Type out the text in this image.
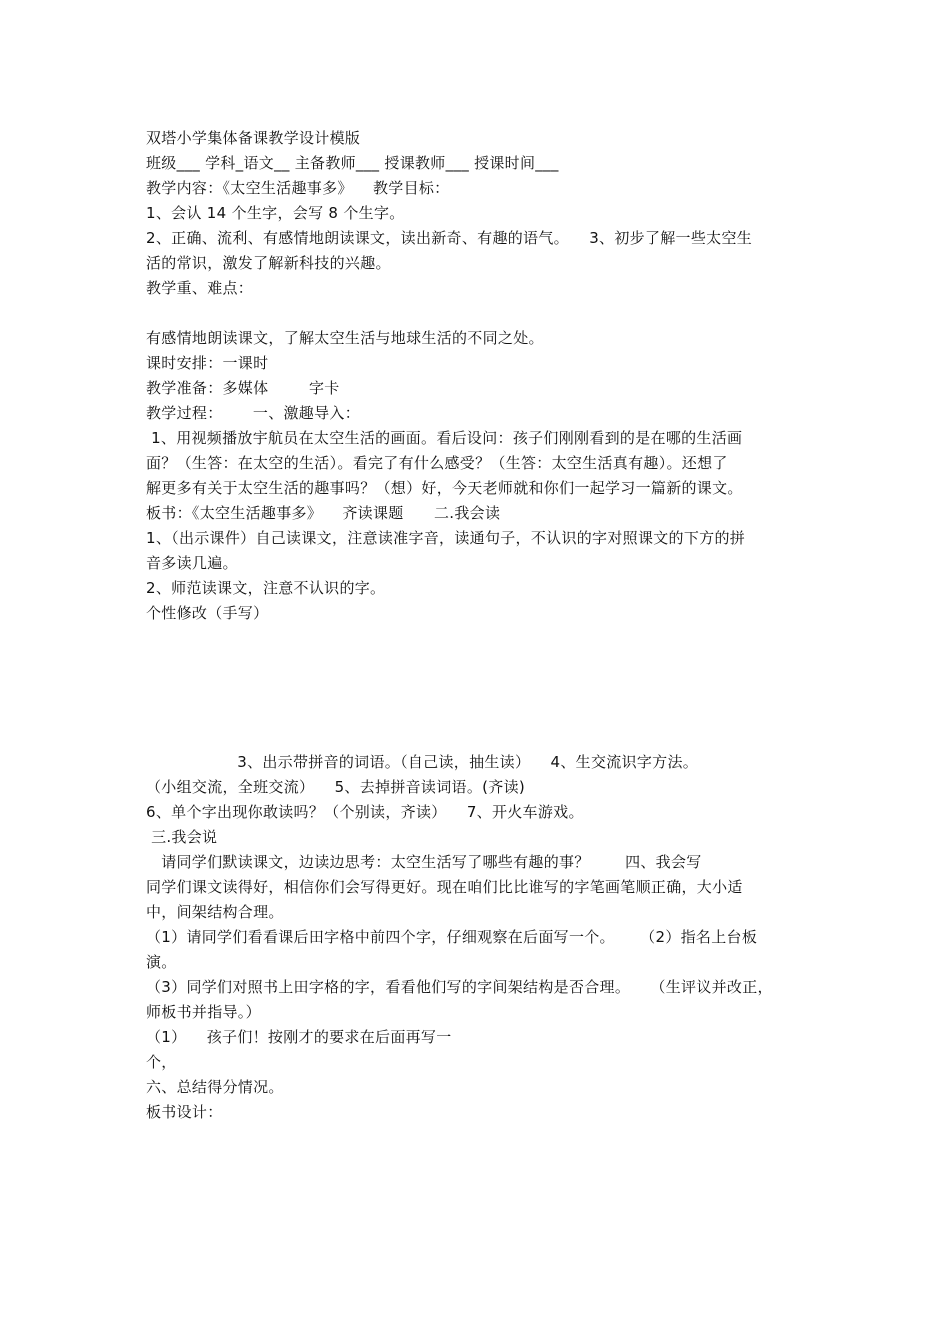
双塔小学集体备课教学设计模版
班级___ 学科_语文__ 主备教师___ 授课教师___ 授课时间___
教学内容：《太空生活趣事多》    教学目标：
1、会认 14 个生字，会写 8 个生字。
2、正确、流利、有感情地朗读课文，读出新奇、有趣的语气。    3、初步了解一些太空生
活的常识，激发了解新科技的兴趣。
教学重、难点：
有感情地朗读课文，了解太空生活与地球生活的不同之处。
课时安排：一课时
教学准备：多媒体        字卡
教学过程：      一、激趣导入：
1、用视频播放宇航员在太空生活的画面。看后设问：孩子们刚刚看到的是在哪的生活画
面？（生答：在太空的生活）。看完了有什么感受？（生答：太空生活真有趣）。还想了
解更多有关于太空生活的趣事吗？（想）好，今天老师就和你们一起学习一篇新的课文。
板书：《太空生活趣事多》    齐读课题      二.我会读
1、（出示课件）自己读课文，注意读准字音，读通句子，不认识的字对照课文的下方的拼
音多读几遍。
2、师范读课文，注意不认识的字。
个性修改（手写）
3、出示带拼音的词语。（自己读，抽生读）    4、生交流识字方法。
（小组交流，全班交流）    5、去掉拼音读词语。(齐读)
6、单个字出现你敢读吗？（个别读，齐读）    7、开火车游戏。
三.我会说
请同学们默读课文，边读边思考：太空生活写了哪些有趣的事？       四、我会写
同学们课文读得好，相信你们会写得更好。现在咱们比比谁写的字笔画笔顺正确，大小适
中，间架结构合理。
（1）请同学们看看课后田字格中前四个字，仔细观察在后面写一个。     （2）指名上台板
演。
（3）同学们对照书上田字格的字，看看他们写的字间架结构是否合理。    （生评议并改正，
师板书并指导。）
（1）    孩子们！按刚才的要求在后面再写一
个，
六、总结得分情况。
板书设计：
